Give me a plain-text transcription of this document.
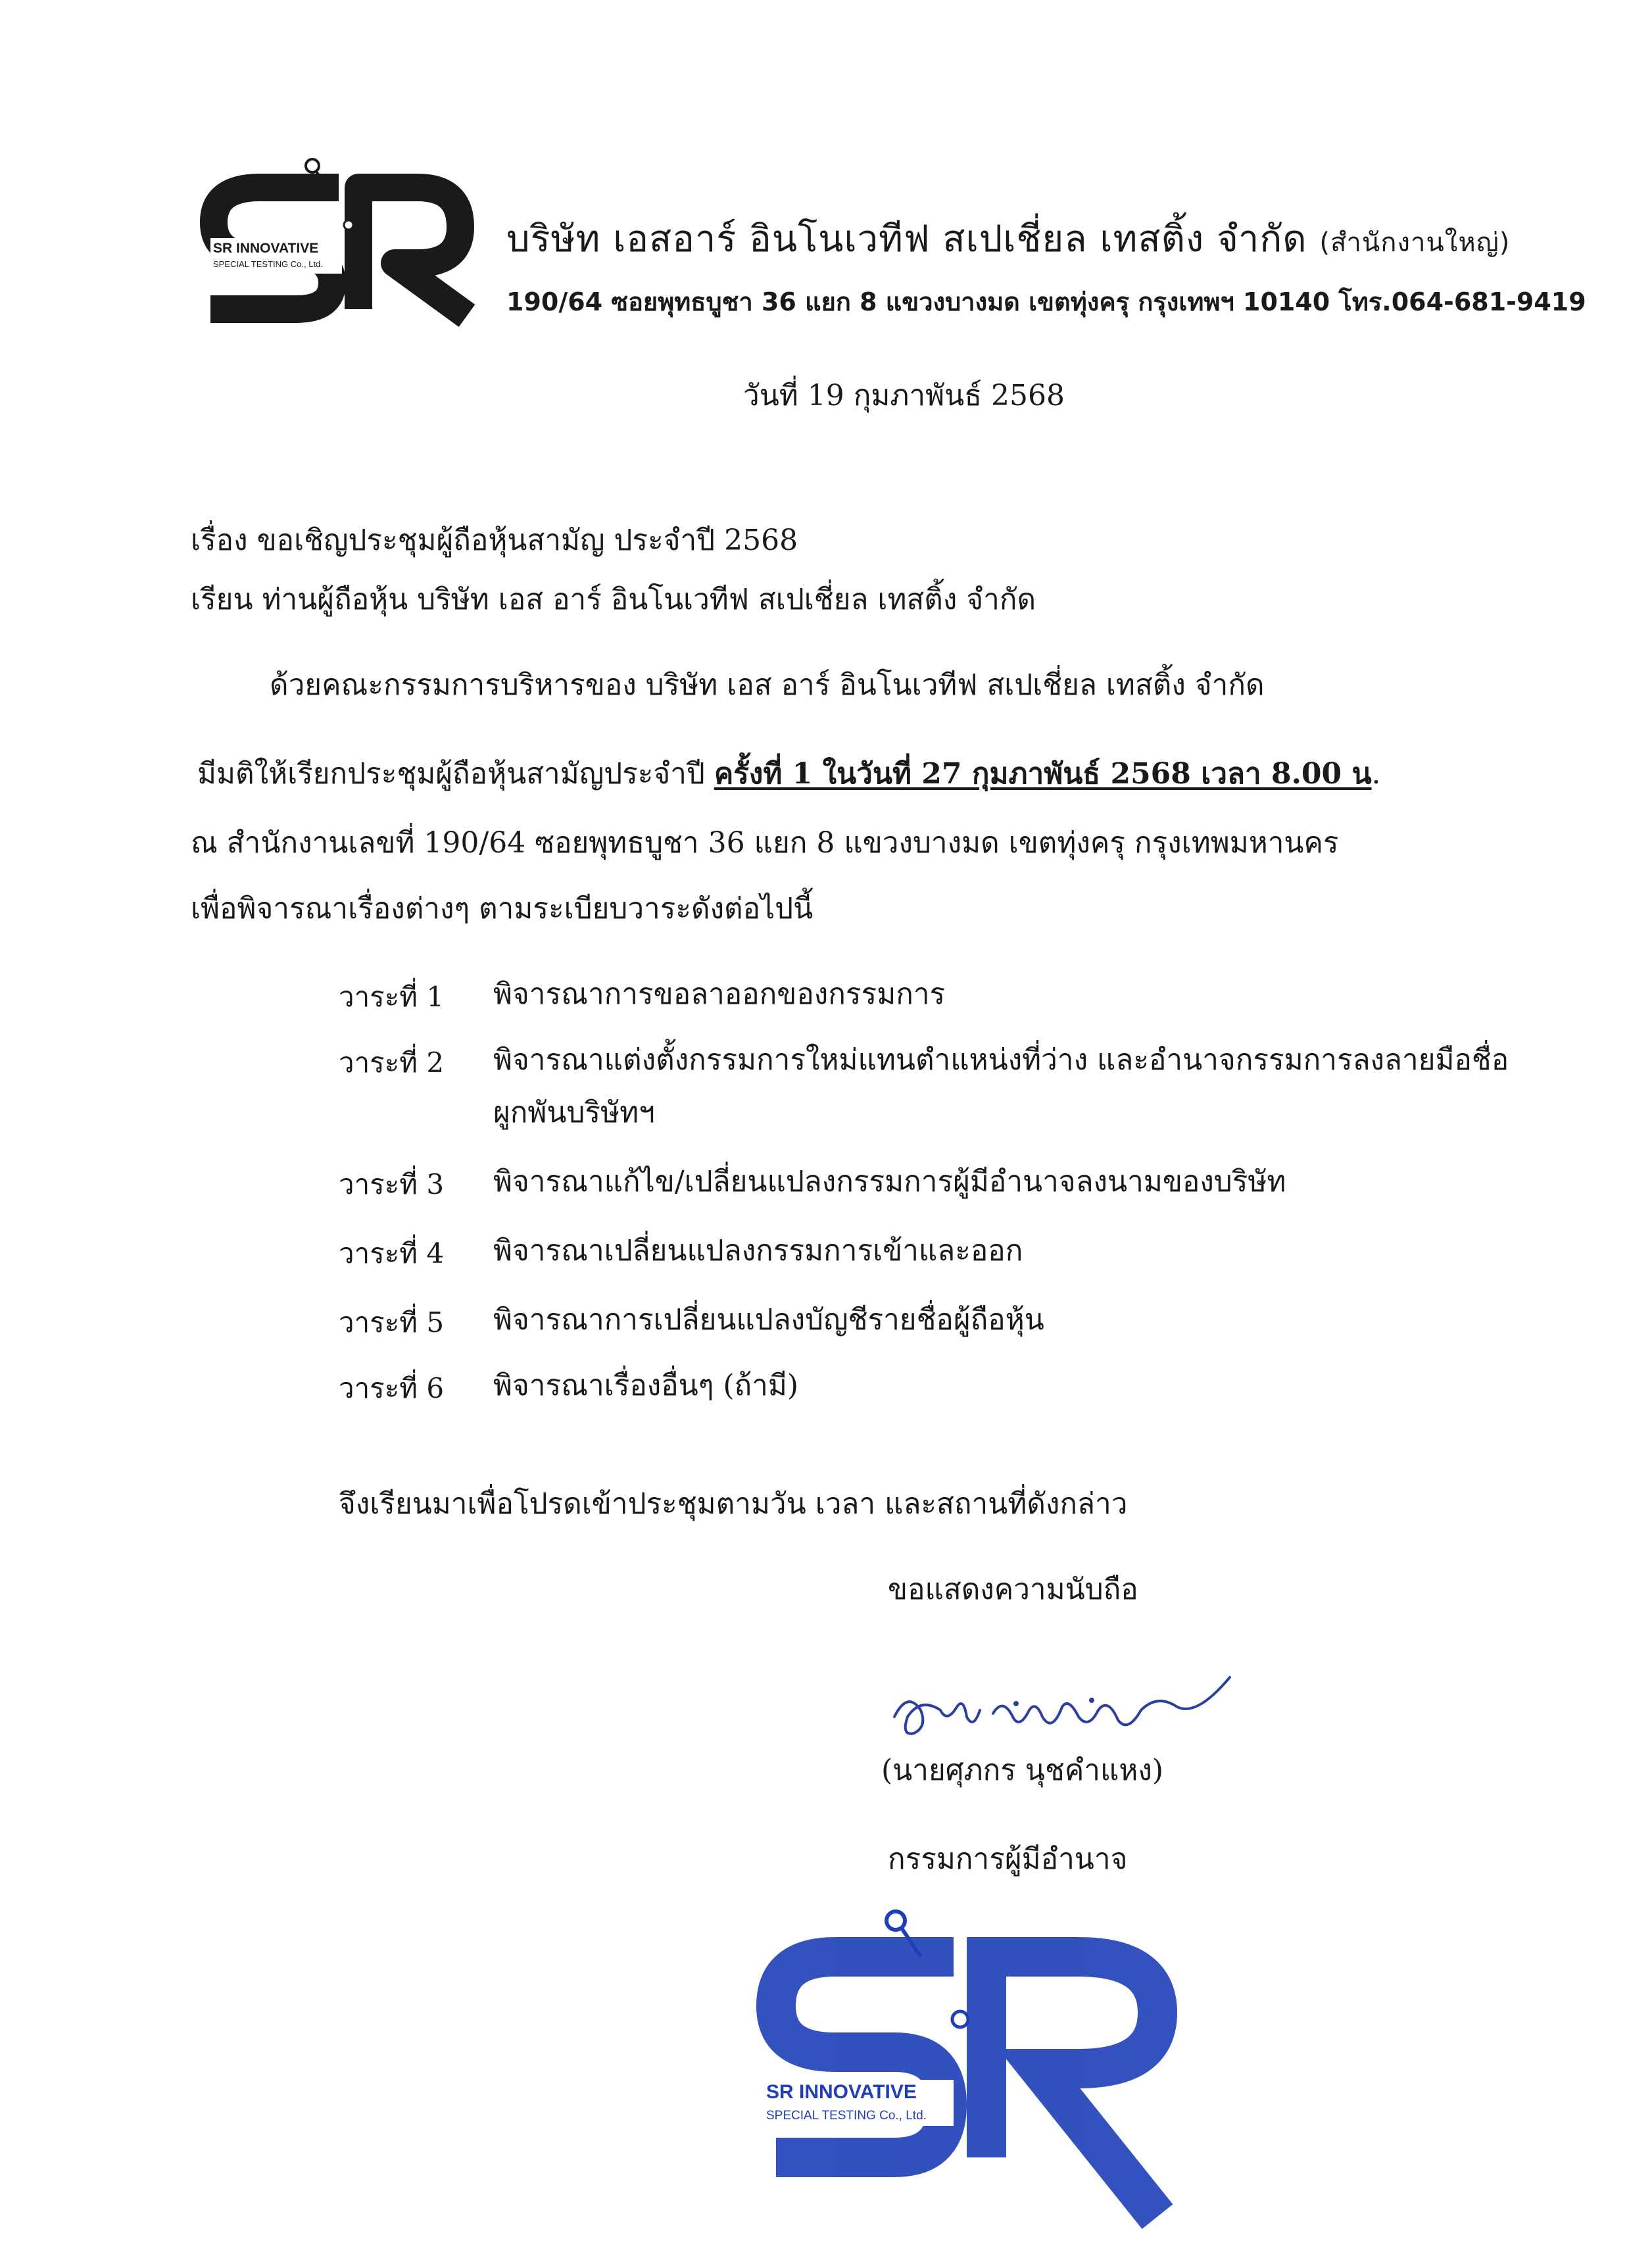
SR INNOVATIVE
SPECIAL TESTING Co., Ltd.
บริษัท เอสอาร์ อินโนเวทีฟ สเปเชี่ยล เทสติ้ง จำกัด (สำนักงานใหญ่)
190/64 ซอยพุทธบูชา 36 แยก 8 แขวงบางมด เขตทุ่งครุ กรุงเทพฯ 10140 โทร.064-681-9419
วันที่ 19 กุมภาพันธ์ 2568
เรื่อง ขอเชิญประชุมผู้ถือหุ้นสามัญ ประจำปี 2568
เรียน ท่านผู้ถือหุ้น บริษัท เอส อาร์ อินโนเวทีฟ สเปเชี่ยล เทสติ้ง จำกัด
ด้วยคณะกรรมการบริหารของ บริษัท เอส อาร์ อินโนเวทีฟ สเปเชี่ยล เทสติ้ง จำกัด
มีมติให้เรียกประชุมผู้ถือหุ้นสามัญประจำปี ครั้งที่ 1 ในวันที่ 27 กุมภาพันธ์ 2568 เวลา 8.00 น.
ณ สำนักงานเลขที่ 190/64 ซอยพุทธบูชา 36 แยก 8 แขวงบางมด เขตทุ่งครุ กรุงเทพมหานคร
เพื่อพิจารณาเรื่องต่างๆ ตามระเบียบวาระดังต่อไปนี้
วาระที่ 1 พิจารณาการขอลาออกของกรรมการ
วาระที่ 2 พิจารณาแต่งตั้งกรรมการใหม่แทนตำแหน่งที่ว่าง และอำนาจกรรมการลงลายมือชื่อ
ผูกพันบริษัทฯ
วาระที่ 3 พิจารณาแก้ไข/เปลี่ยนแปลงกรรมการผู้มีอำนาจลงนามของบริษัท
วาระที่ 4 พิจารณาเปลี่ยนแปลงกรรมการเข้าและออก
วาระที่ 5 พิจารณาการเปลี่ยนแปลงบัญชีรายชื่อผู้ถือหุ้น
วาระที่ 6 พิจารณาเรื่องอื่นๆ (ถ้ามี)
จึงเรียนมาเพื่อโปรดเข้าประชุมตามวัน เวลา และสถานที่ดังกล่าว
ขอแสดงความนับถือ
(นายศุภกร นุชคำแหง)
กรรมการผู้มีอำนาจ
SR INNOVATIVE
SPECIAL TESTING Co., Ltd.
